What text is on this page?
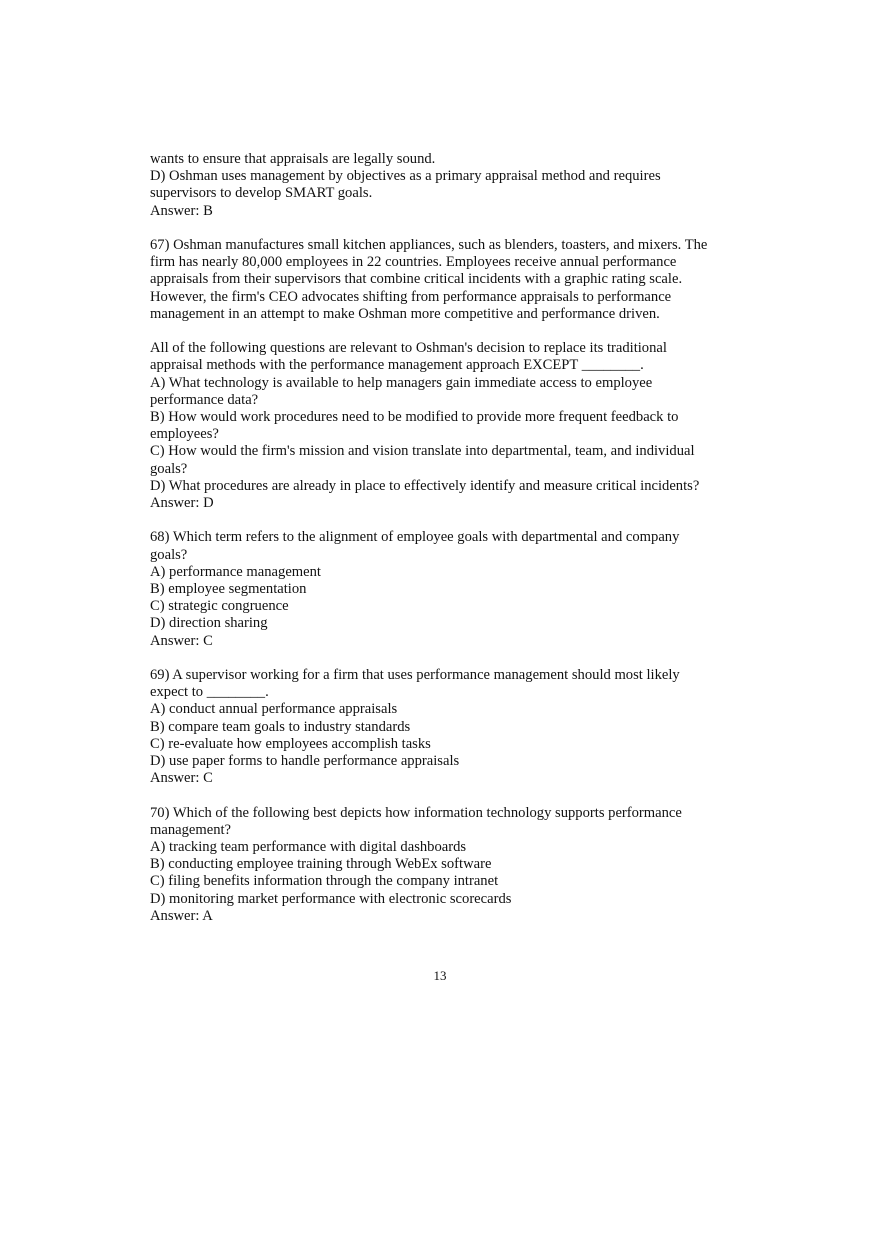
wants to ensure that appraisals are legally sound.
D) Oshman uses management by objectives as a primary appraisal method and requires
supervisors to develop SMART goals.
Answer: B
67) Oshman manufactures small kitchen appliances, such as blenders, toasters, and mixers. The
firm has nearly 80,000 employees in 22 countries. Employees receive annual performance
appraisals from their supervisors that combine critical incidents with a graphic rating scale.
However, the firm's CEO advocates shifting from performance appraisals to performance
management in an attempt to make Oshman more competitive and performance driven.
All of the following questions are relevant to Oshman's decision to replace its traditional
appraisal methods with the performance management approach EXCEPT ________.
A) What technology is available to help managers gain immediate access to employee
performance data?
B) How would work procedures need to be modified to provide more frequent feedback to
employees?
C) How would the firm's mission and vision translate into departmental, team, and individual
goals?
D) What procedures are already in place to effectively identify and measure critical incidents?
Answer: D
68) Which term refers to the alignment of employee goals with departmental and company
goals?
A) performance management
B) employee segmentation
C) strategic congruence
D) direction sharing
Answer: C
69) A supervisor working for a firm that uses performance management should most likely
expect to ________.
A) conduct annual performance appraisals
B) compare team goals to industry standards
C) re-evaluate how employees accomplish tasks
D) use paper forms to handle performance appraisals
Answer: C
70) Which of the following best depicts how information technology supports performance
management?
A) tracking team performance with digital dashboards
B) conducting employee training through WebEx software
C) filing benefits information through the company intranet
D) monitoring market performance with electronic scorecards
Answer: A
13
